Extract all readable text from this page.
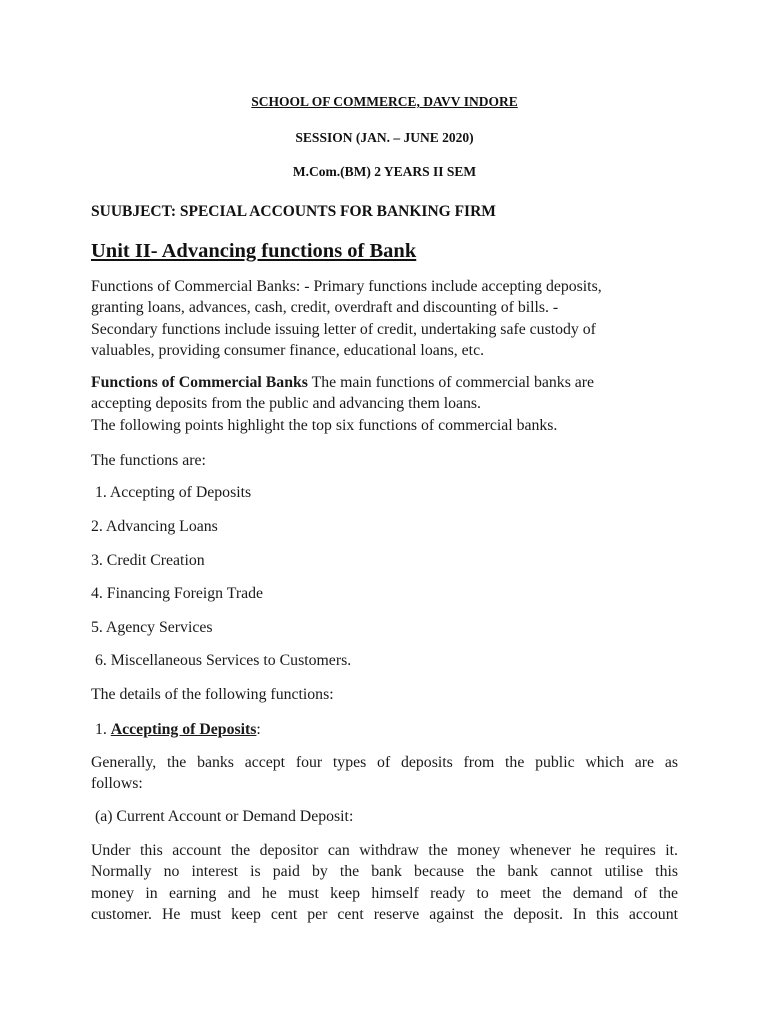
SCHOOL OF COMMERCE, DAVV INDORE
SESSION (JAN. – JUNE 2020)
M.Com.(BM) 2 YEARS II SEM
SUUBJECT: SPECIAL ACCOUNTS FOR BANKING FIRM
Unit II- Advancing functions of Bank
Functions of Commercial Banks: - Primary functions include accepting deposits,
granting loans, advances, cash, credit, overdraft and discounting of bills. -
Secondary functions include issuing letter of credit, undertaking safe custody of
valuables, providing consumer finance, educational loans, etc.
Functions of Commercial Banks The main functions of commercial banks are
accepting deposits from the public and advancing them loans.
The following points highlight the top six functions of commercial banks.
The functions are:
1. Accepting of Deposits
2. Advancing Loans
3. Credit Creation
4. Financing Foreign Trade
5. Agency Services
6. Miscellaneous Services to Customers.
The details of the following functions:
1. Accepting of Deposits:
Generally, the banks accept four types of deposits from the public which are as
follows:
(a) Current Account or Demand Deposit:
Under this account the depositor can withdraw the money whenever he requires it.
Normally no interest is paid by the bank because the bank cannot utilise this
money in earning and he must keep himself ready to meet the demand of the
customer. He must keep cent per cent reserve against the deposit. In this account
